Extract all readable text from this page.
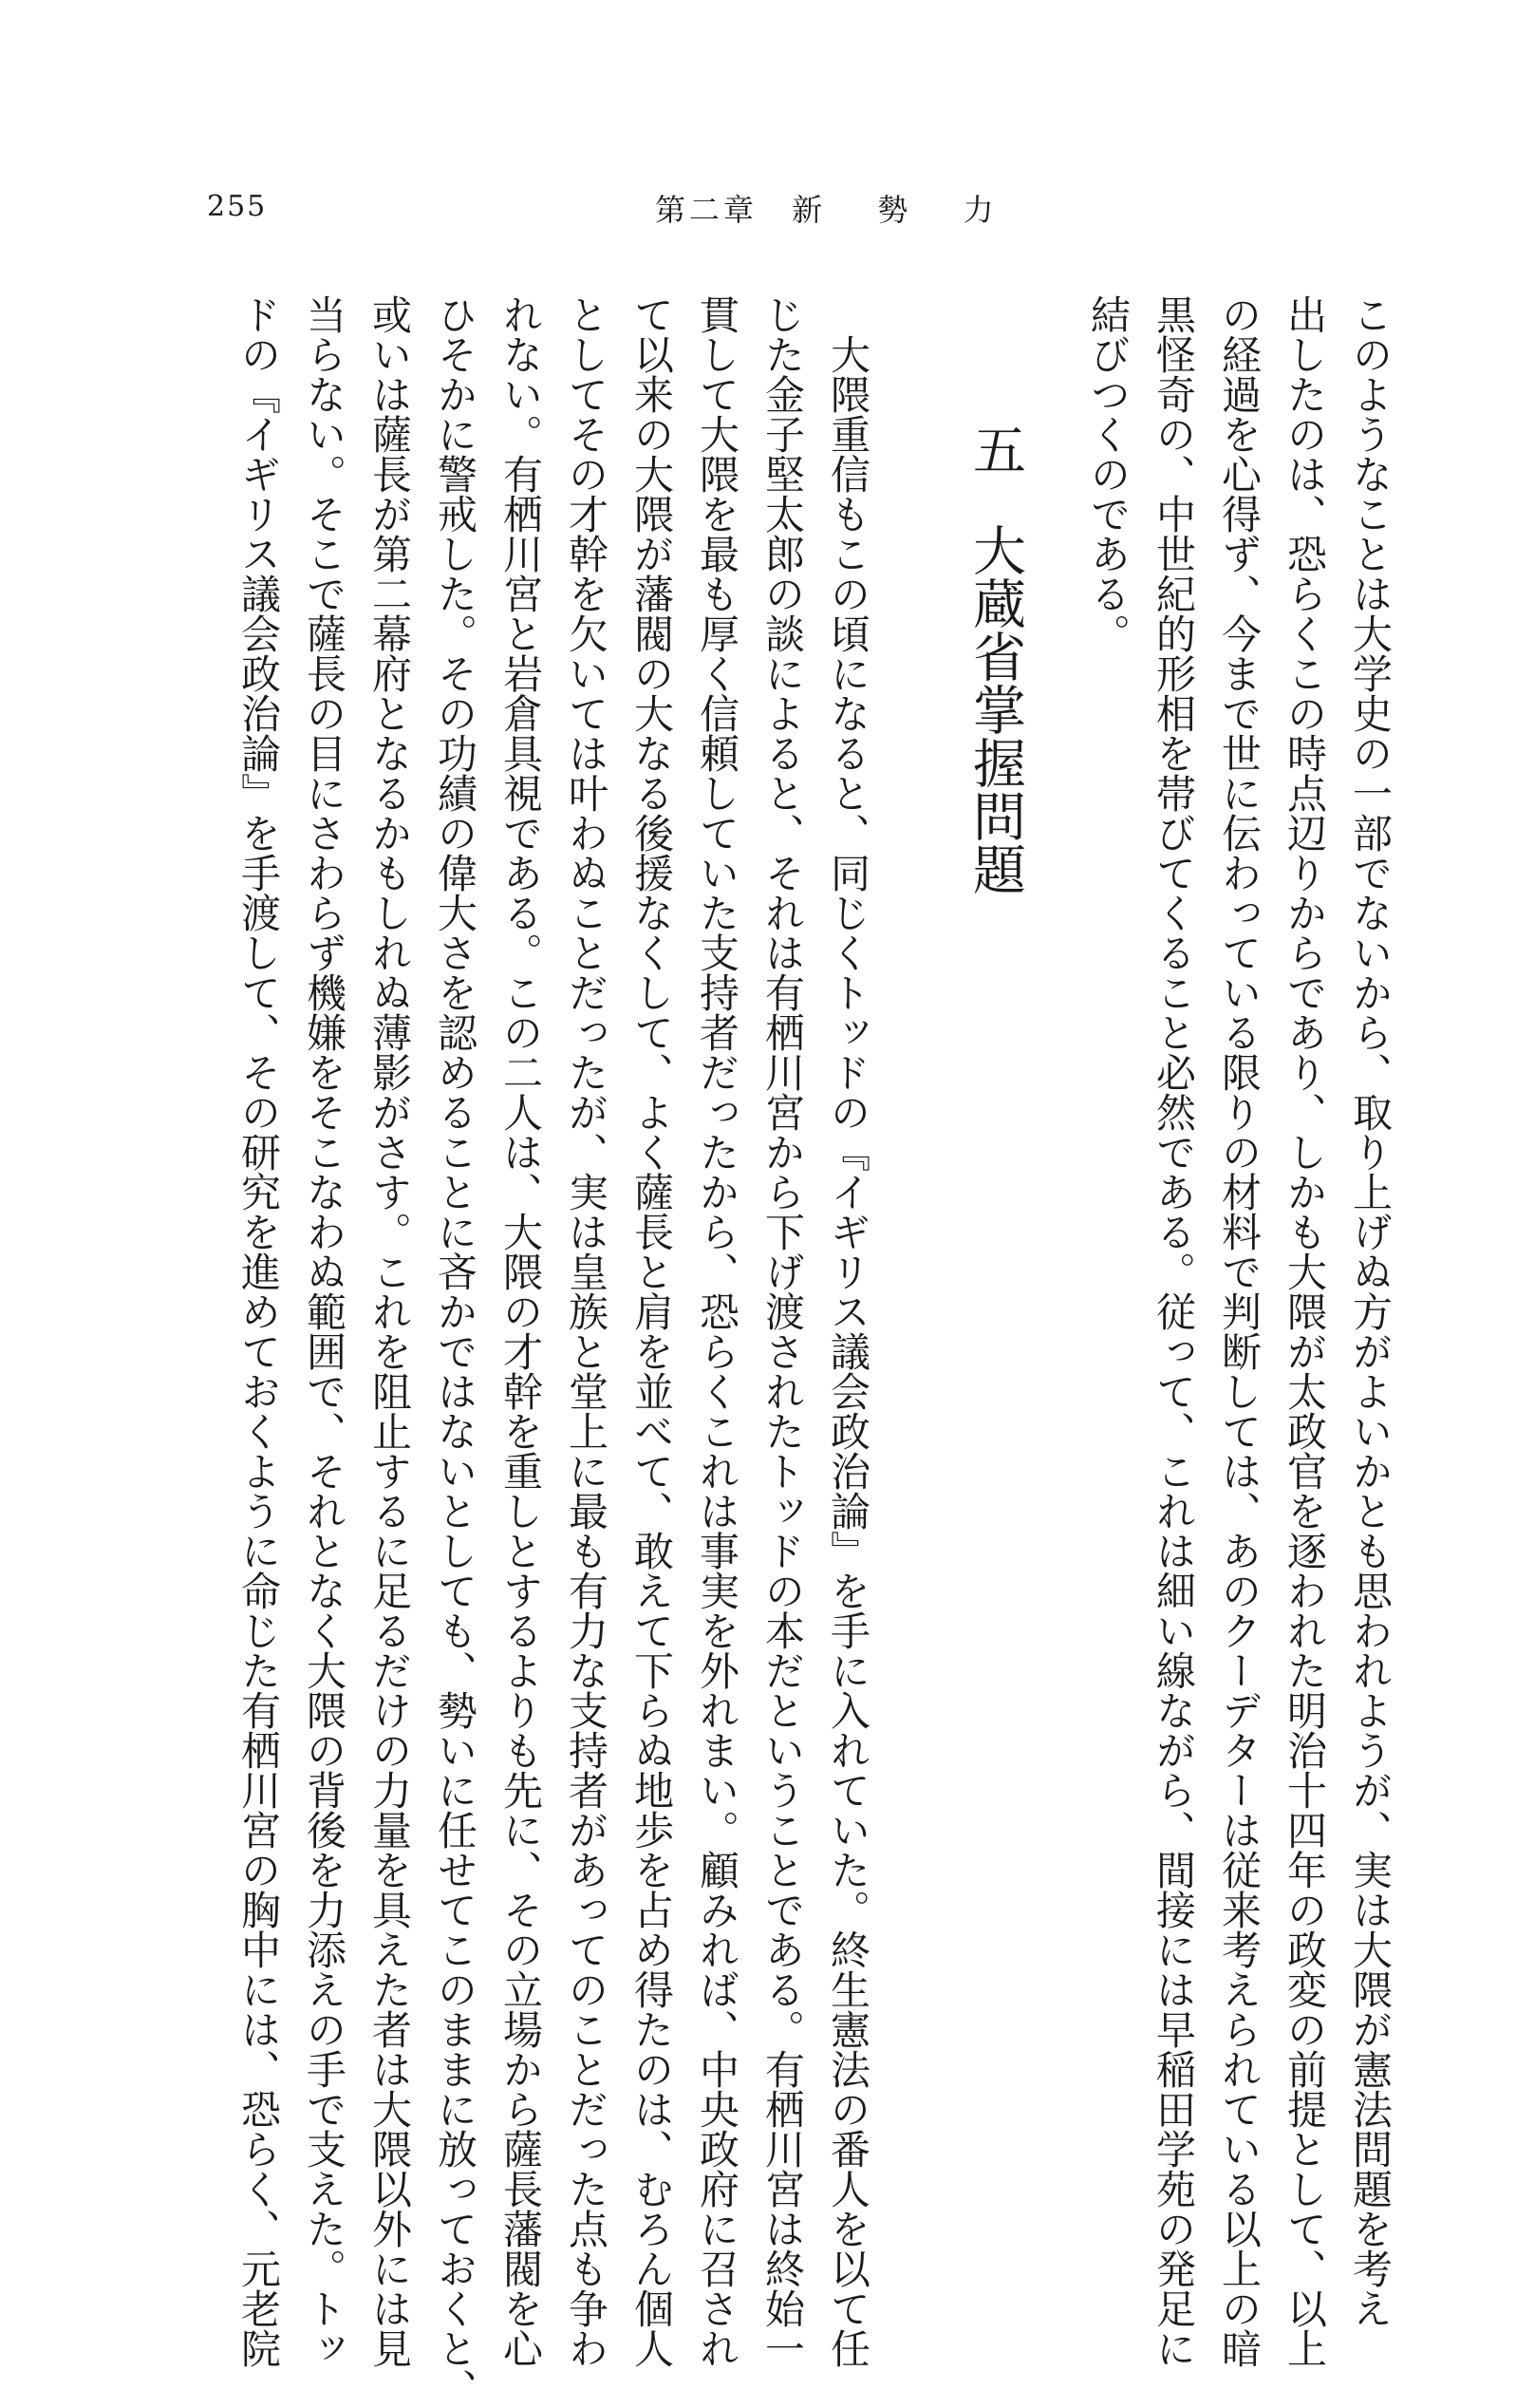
255	第二章 新 勢 力
このようなことは大学史の一部でないから、取り上げぬ方がよいかとも思われようが、実は大隈が憲法問題を考え
出したのは、恐らくこの時点辺りからであり、しかも大隈が太政官を逐われた明治十四年の政変の前提として、以上
の経過を心得ず、今まで世に伝わっている限りの材料で判断しては、あのクーデターは従来考えられている以上の暗
黒怪奇の、中世紀的形相を帯びてくること必然である。従って、これは細い線ながら、間接には早稲田学苑の発足に
結びつくのである。
五大蔵省掌握問題
大隈重信もこの頃になると、同じくトッドの『イギリス議会政治論』を手に入れていた。終生憲法の番人を以て任
じた金子堅太郎の談によると、それは有栖川宮から下げ渡されたトッドの本だということである。有栖川宮は終始一
貫して大隈を最も厚く信頼していた支持者だったから、恐らくこれは事実を外れまい。顧みれば、中央政府に召され
て以来の大隈が藩閥の大なる後援なくして、よく薩長と肩を並べて、敢えて下らぬ地歩を占め得たのは、むろん個人
としてその才幹を欠いては叶わぬことだったが、実は皇族と堂上に最も有力な支持者があってのことだった点も争わ
れない。有栖川宮と岩倉具視である。この二人は、大隈の才幹を重しとするよりも先に、その立場から薩長藩閥を心
ひそかに警戒した。その功績の偉大さを認めることに吝かではないとしても、勢いに任せてこのままに放っておくと、
或いは薩長が第二幕府となるかもしれぬ薄影がさす。これを阻止するに足るだけの力量を具えた者は大隈以外には見
当らない。そこで薩長の目にさわらず機嫌をそこなわぬ範囲で、それとなく大隈の背後を力添えの手で支えた。トッ
ドの『イギリス議会政治論』を手渡して、その研究を進めておくように命じた有栖川宮の胸中には、恐らく、元老院
